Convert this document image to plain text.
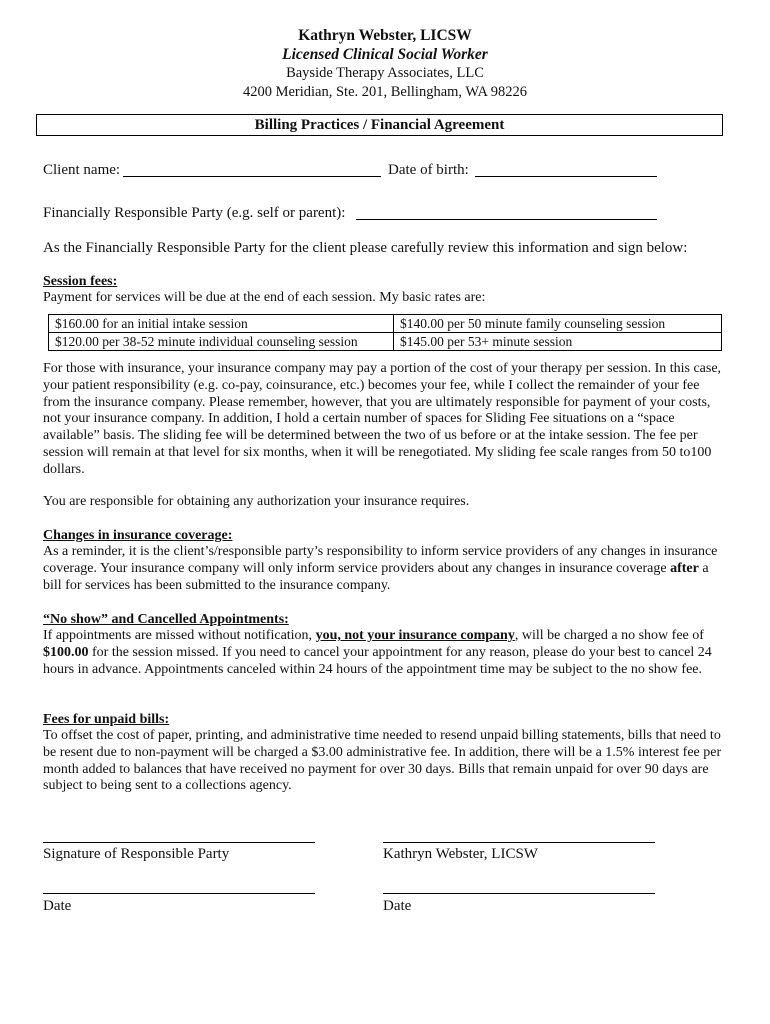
Kathryn Webster, LICSW
Licensed Clinical Social Worker
Bayside Therapy Associates, LLC
4200 Meridian, Ste. 201, Bellingham, WA 98226
Billing Practices / Financial Agreement
Client name:	Date of birth:
Financially Responsible Party (e.g. self or parent):
As the Financially Responsible Party for the client please carefully review this information and sign below:
Session fees:
Payment for services will be due at the end of each session. My basic rates are:
$160.00 for an initial intake session	$140.00 per 50 minute family counseling session
$120.00 per 38-52 minute individual counseling session	$145.00 per 53+ minute session
For those with insurance, your insurance company may pay a portion of the cost of your therapy per session. In this case, your patient responsibility (e.g. co-pay, coinsurance, etc.) becomes your fee, while I collect the remainder of your fee from the insurance company. Please remember, however, that you are ultimately responsible for payment of your costs, not your insurance company. In addition, I hold a certain number of spaces for Sliding Fee situations on a “space available” basis. The sliding fee will be determined between the two of us before or at the intake session. The fee per session will remain at that level for six months, when it will be renegotiated. My sliding fee scale ranges from 50 to100 dollars.
You are responsible for obtaining any authorization your insurance requires.
Changes in insurance coverage:
As a reminder, it is the client’s/responsible party’s responsibility to inform service providers of any changes in insurance coverage. Your insurance company will only inform service providers about any changes in insurance coverage after a bill for services has been submitted to the insurance company.
“No show” and Cancelled Appointments:
If appointments are missed without notification, you, not your insurance company, will be charged a no show fee of $100.00 for the session missed. If you need to cancel your appointment for any reason, please do your best to cancel 24 hours in advance. Appointments canceled within 24 hours of the appointment time may be subject to the no show fee.
Fees for unpaid bills:
To offset the cost of paper, printing, and administrative time needed to resend unpaid billing statements, bills that need to be resent due to non-payment will be charged a $3.00 administrative fee. In addition, there will be a 1.5% interest fee per month added to balances that have received no payment for over 30 days. Bills that remain unpaid for over 90 days are subject to being sent to a collections agency.
Signature of Responsible Party	Kathryn Webster, LICSW
Date	Date
